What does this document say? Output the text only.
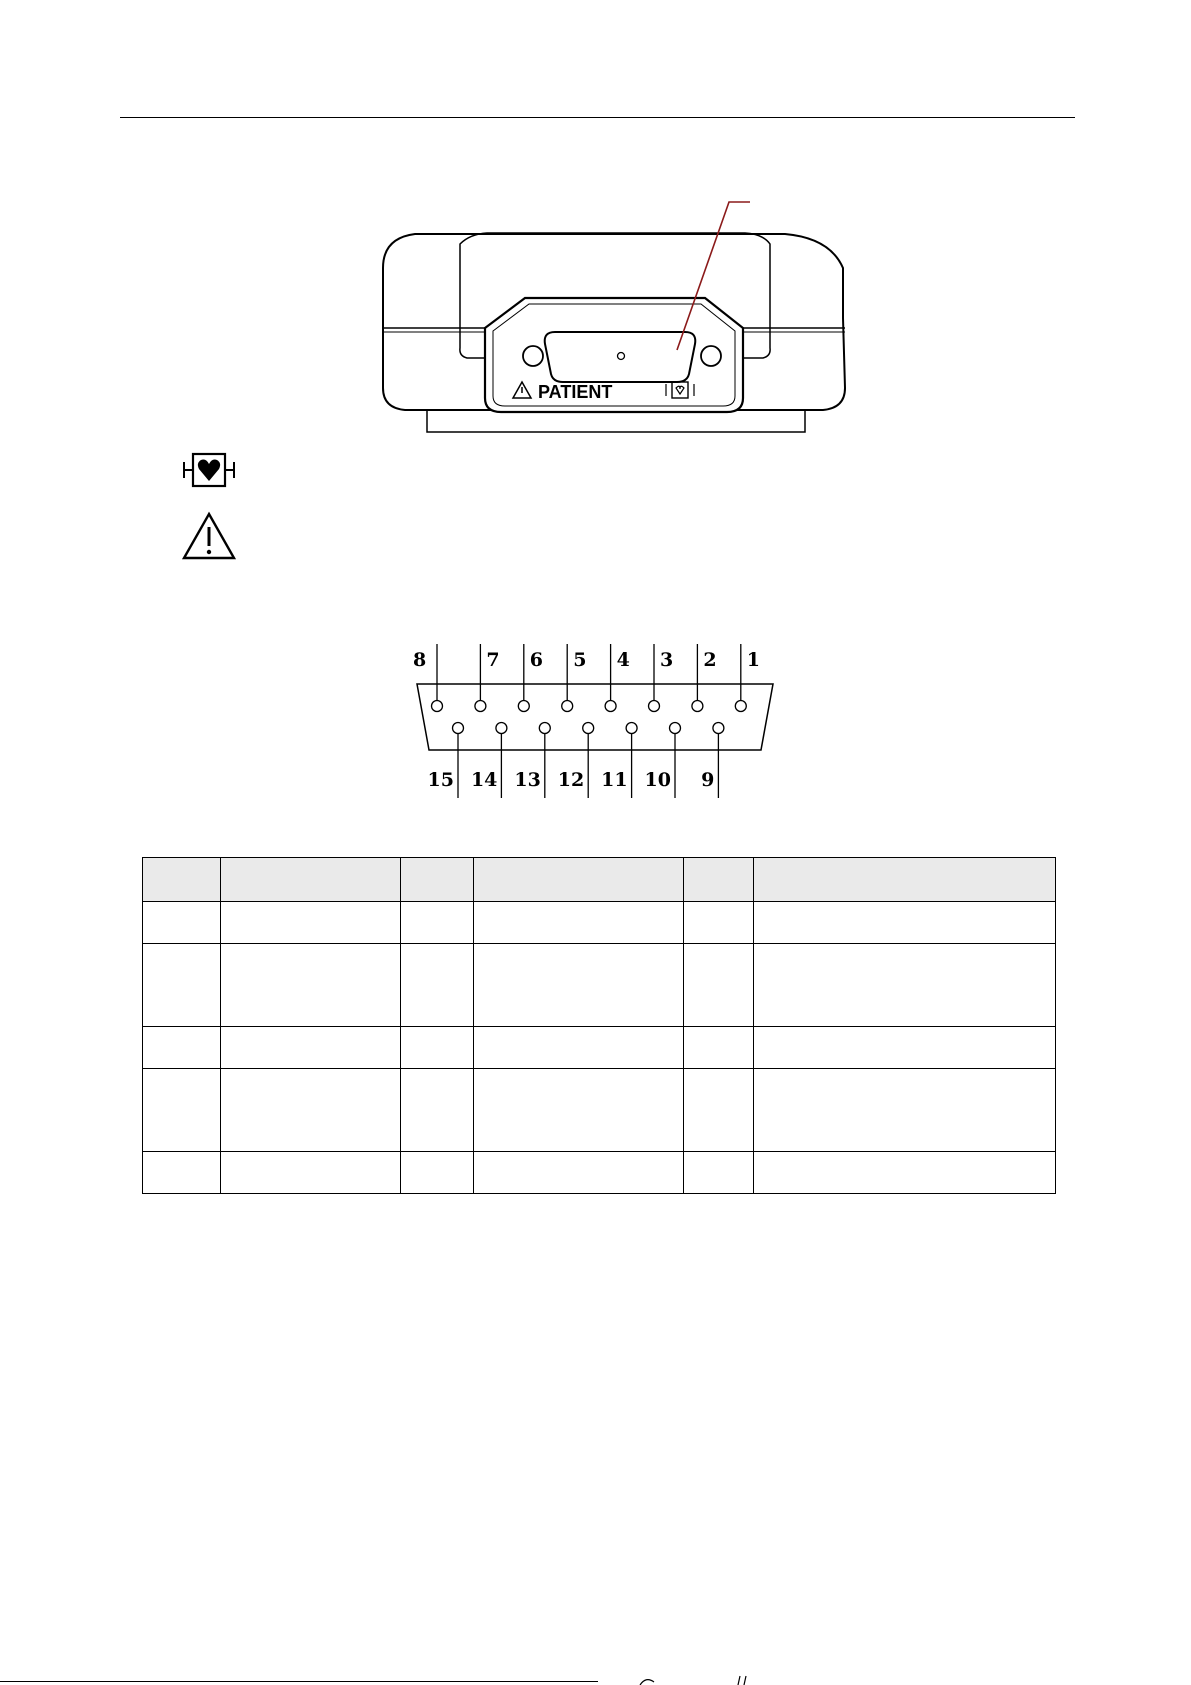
PATIENT
8	7 6 5 4 3 2 1
15 14 13 12 11 10 9
